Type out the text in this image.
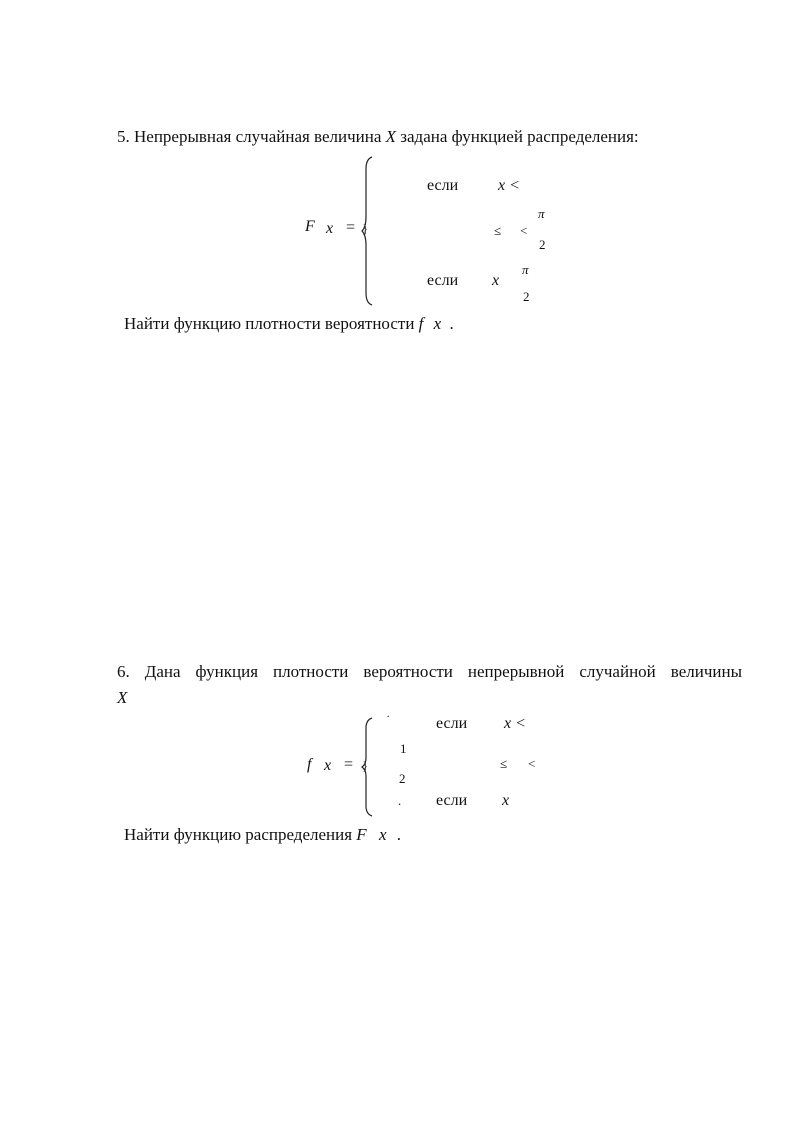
5. Непрерывная случайная величина X задана функцией распределения:
F x = }
если x <
π
≤ <
2
π
если x
2
Найти функцию плотности вероятности f x .
6. Дана функция плотности вероятности непрерывной случайной величины
X
f x = }
˙	если x <
1
≤ <
2
. если x
Найти функцию распределения F x .
